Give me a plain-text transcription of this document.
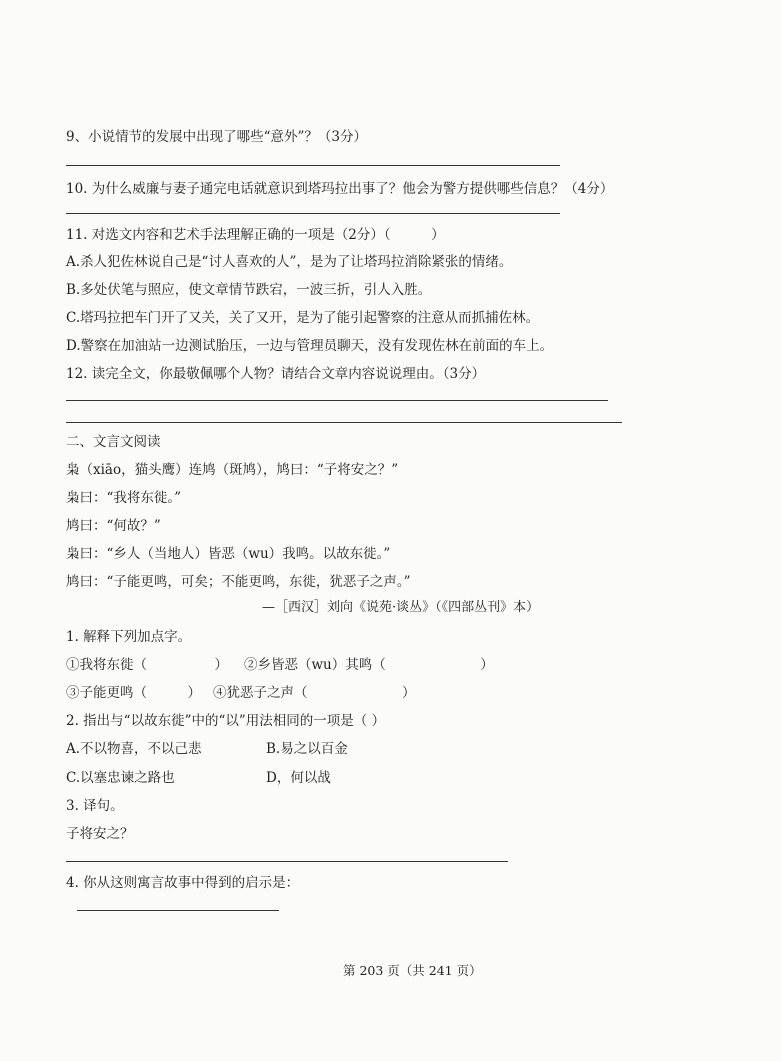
9、小说情节的发展中出现了哪些“意外”？（3分）
10. 为什么威廉与妻子通完电话就意识到塔玛拉出事了？他会为警方提供哪些信息？（4分）
11. 对选文内容和艺术手法理解正确的一项是（2分）（　　　）
A.杀人犯佐林说自己是“讨人喜欢的人”，是为了让塔玛拉消除紧张的情绪。
B.多处伏笔与照应，使文章情节跌宕，一波三折，引人入胜。
C.塔玛拉把车门开了又关，关了又开，是为了能引起警察的注意从而抓捕佐林。
D.警察在加油站一边测试胎压，一边与管理员聊天，没有发现佐林在前面的车上。
12. 读完全文，你最敬佩哪个人物？请结合文章内容说说理由。（3分）
二、文言文阅读
枭（xiāo，猫头鹰）连鸠（斑鸠），鸠曰：“子将安之？”
枭曰：“我将东徙。”
鸠曰：“何故？”
枭曰：“乡人（当地人）皆恶（wu）我鸣。以故东徙。”
鸠曰：“子能更鸣，可矣；不能更鸣，东徙，犹恶子之声。”
—［西汉］刘向《说苑·谈丛》（《四部丛刊》本）
1. 解释下列加点字。
①我将东徙（　　　　　） ②乡皆恶（wu）其鸣（　　　　　　　）
③子能更鸣（　　　） ④犹恶子之声（　　　　　　　）
2. 指出与“以故东徙”中的“以”用法相同的一项是（ ）
A.不以物喜，不以己悲	B.易之以百金
C.以塞忠谏之路也	D，何以战
3. 译句。
子将安之？
4. 你从这则寓言故事中得到的启示是：
第 203 页（共 241 页）
